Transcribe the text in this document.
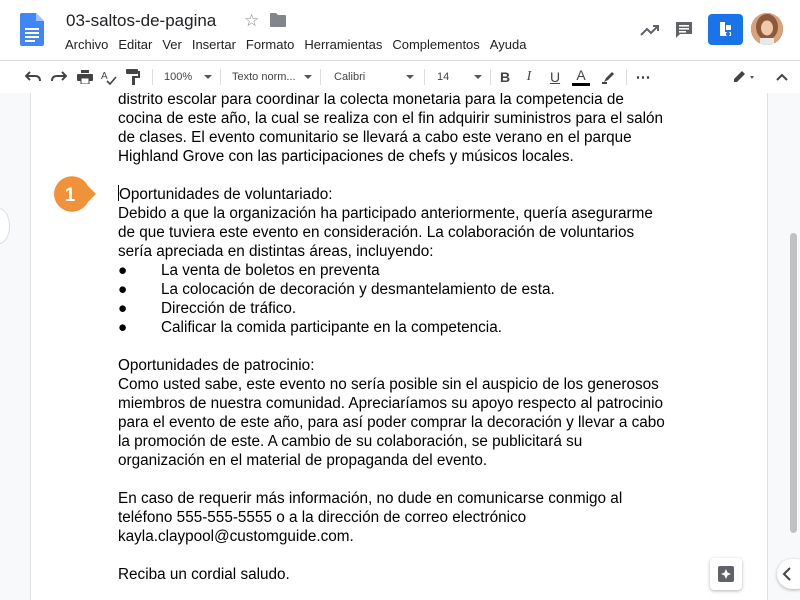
03-saltos-de-pagina ☆
Archivo Editar Ver Insertar Formato Herramientas Complementos Ayuda
A	100%	Texto norm...	Calibri	14	B	I	U	A	⋯

distrito escolar para coordinar la colecta monetaria para la competencia de

cocina de este año, la cual se realiza con el fin adquirir suministros para el salón

de clases. El evento comunitario se llevará a cabo este verano en el parque

Highland Grove con las participaciones de chefs y músicos locales.

Oportunidades de voluntariado:

Debido a que la organización ha participado anteriormente, quería asegurarme

de que tuviera este evento en consideración. La colaboración de voluntarios

sería apreciada en distintas áreas, incluyendo:

●	La venta de boletos en preventa
●	La colocación de decoración y desmantelamiento de esta.
●	Dirección de tráfico.
●	Calificar la comida participante en la competencia.

Oportunidades de patrocinio:

Como usted sabe, este evento no sería posible sin el auspicio de los generosos

miembros de nuestra comunidad. Apreciaríamos su apoyo respecto al patrocinio

para el evento de este año, para así poder comprar la decoración y llevar a cabo

la promoción de este. A cambio de su colaboración, se publicitará su

organización en el material de propaganda del evento.

En caso de requerir más información, no dude en comunicarse conmigo al

teléfono 555-555-5555 o a la dirección de correo electrónico

kayla.claypool@customguide.com.

Reciba un cordial saludo.

1
